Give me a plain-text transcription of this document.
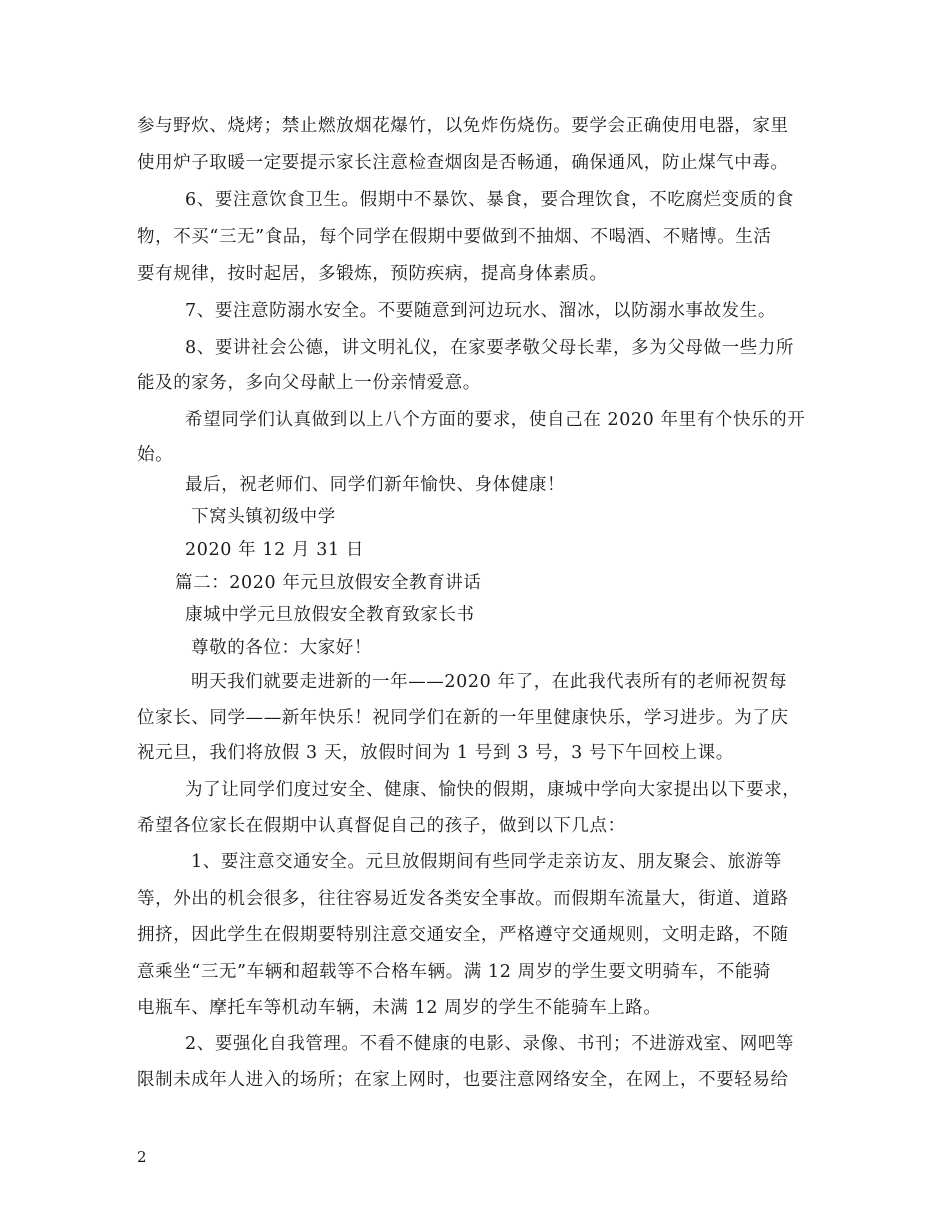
参与野炊、烧烤；禁止燃放烟花爆竹，以免炸伤烧伤。要学会正确使用电器，家里
使用炉子取暖一定要提示家长注意检查烟囱是否畅通，确保通风，防止煤气中毒。
6、要注意饮食卫生。假期中不暴饮、暴食，要合理饮食，不吃腐烂变质的食
物，不买“三无”食品，每个同学在假期中要做到不抽烟、不喝酒、不赌博。生活
要有规律，按时起居，多锻炼，预防疾病，提高身体素质。
7、要注意防溺水安全。不要随意到河边玩水、溜冰，以防溺水事故发生。
8、要讲社会公德，讲文明礼仪，在家要孝敬父母长辈，多为父母做一些力所
能及的家务，多向父母献上一份亲情爱意。
希望同学们认真做到以上八个方面的要求，使自己在 2020 年里有个快乐的开
始。
最后，祝老师们、同学们新年愉快、身体健康！
下窝头镇初级中学
2020 年 12 月 31 日
篇二：2020 年元旦放假安全教育讲话
康城中学元旦放假安全教育致家长书
尊敬的各位：大家好！
明天我们就要走进新的一年——2020 年了，在此我代表所有的老师祝贺每
位家长、同学——新年快乐！祝同学们在新的一年里健康快乐，学习进步。为了庆
祝元旦，我们将放假 3 天，放假时间为 1 号到 3 号，3 号下午回校上课。
为了让同学们度过安全、健康、愉快的假期，康城中学向大家提出以下要求，
希望各位家长在假期中认真督促自己的孩子，做到以下几点：
1、要注意交通安全。元旦放假期间有些同学走亲访友、朋友聚会、旅游等
等，外出的机会很多，往往容易近发各类安全事故。而假期车流量大，街道、道路
拥挤，因此学生在假期要特别注意交通安全，严格遵守交通规则，文明走路，不随
意乘坐“三无”车辆和超载等不合格车辆。满 12 周岁的学生要文明骑车，不能骑
电瓶车、摩托车等机动车辆，未满 12 周岁的学生不能骑车上路。
2、要强化自我管理。不看不健康的电影、录像、书刊；不进游戏室、网吧等
限制未成年人进入的场所；在家上网时，也要注意网络安全，在网上，不要轻易给
2
